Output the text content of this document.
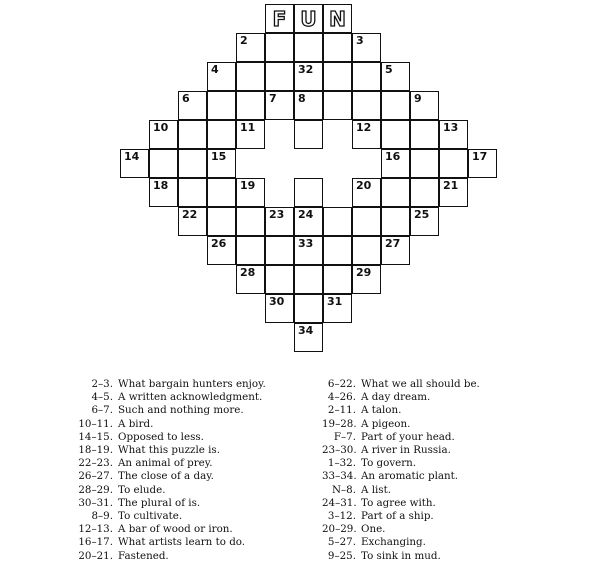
F U N
2	3
4	32	5
6	7 8	9
10	11	12	13
14	15	16	17
18	19	20	21
22	23 24	25
26	33	27
28	29
30	31
34
2–3. What bargain hunters enjoy.
4–5. A written acknowledgment.
6–7. Such and nothing more.
10–11. A bird.
14–15. Opposed to less.
18–19. What this puzzle is.
22–23. An animal of prey.
26–27. The close of a day.
28–29. To elude.
30–31. The plural of is.
8–9. To cultivate.
12–13. A bar of wood or iron.
16–17. What artists learn to do.
20–21. Fastened.
6–22. What we all should be.
4–26. A day dream.
2–11. A talon.
19–28. A pigeon.
F–7. Part of your head.
23–30. A river in Russia.
1–32. To govern.
33–34. An aromatic plant.
N–8. A list.
24–31. To agree with.
3–12. Part of a ship.
20–29. One.
5–27. Exchanging.
9–25. To sink in mud.
